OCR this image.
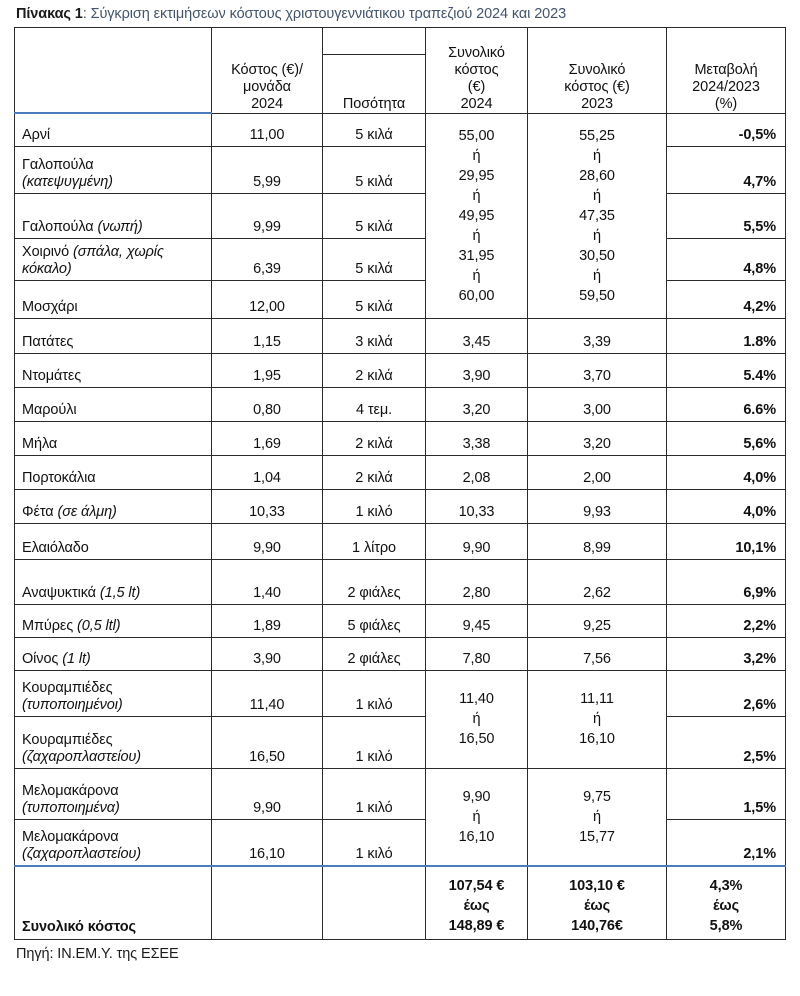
Πίνακας 1: Σύγκριση εκτιμήσεων κόστους χριστουγεννιάτικου τραπεζιού 2024 και 2023
	Κόστος (€)/
μονάδα
2024	Ποσότητα	Συνολικό
κόστος
(€)
2024	Συνολικό
κόστος (€)
2023	Μεταβολή
2024/2023
(%)
Αρνί	11,00	5 κιλά	55,00
ή
29,95
ή
49,95
ή
31,95
ή
60,00	55,25
ή
28,60
ή
47,35
ή
30,50
ή
59,50	-0,5%
Γαλοπούλα
(κατεψυγμένη)	5,99	5 κιλά			4,7%
Γαλοπούλα (νωπή)	9,99	5 κιλά			5,5%
Χοιρινό (σπάλα, χωρίς κόκαλο)	6,39	5 κιλά			4,8%
Μοσχάρι	12,00	5 κιλά			4,2%
Πατάτες	1,15	3 κιλά	3,45	3,39	1.8%
Ντομάτες	1,95	2 κιλά	3,90	3,70	5.4%
Μαρούλι	0,80	4 τεμ.	3,20	3,00	6.6%
Μήλα	1,69	2 κιλά	3,38	3,20	5,6%
Πορτοκάλια	1,04	2 κιλά	2,08	2,00	4,0%
Φέτα (σε άλμη)	10,33	1 κιλό	10,33	9,93	4,0%
Ελαιόλαδο	9,90	1 λίτρο	9,90	8,99	10,1%
Αναψυκτικά (1,5 lt)	1,40	2 φιάλες	2,80	2,62	6,9%
Μπύρες (0,5 ltl)	1,89	5 φιάλες	9,45	9,25	2,2%
Οίνος (1 lt)	3,90	2 φιάλες	7,80	7,56	3,2%
Κουραμπιέδες
(τυποποιημένοι)	11,40	1 κιλό	11,40
ή
16,50	11,11
ή
16,10	2,6%
Κουραμπιέδες
(ζαχαροπλαστείου)	16,50	1 κιλό			2,5%
Μελομακάρονα
(τυποποιημένα)	9,90	1 κιλό	9,90
ή
16,10	9,75
ή
15,77	1,5%
Μελομακάρονα
(ζαχαροπλαστείου)	16,10	1 κιλό			2,1%
Συνολικό κόστος			107,54 €
έως
148,89 €	103,10 €
έως
140,76€	4,3%
έως
5,8%
Πηγή: ΙΝ.ΕΜ.Υ. της ΕΣΕΕ
